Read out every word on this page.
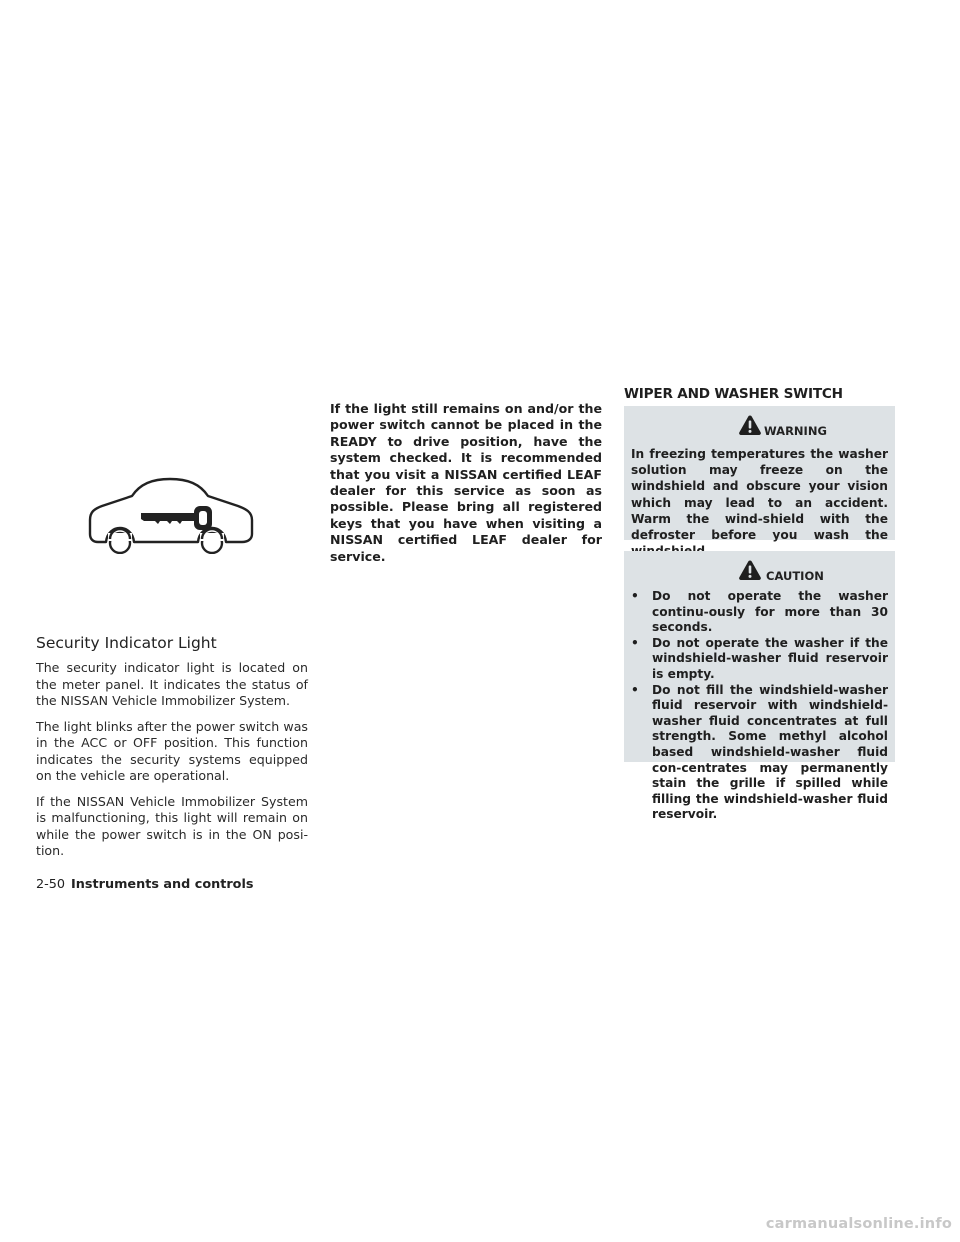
Security Indicator Light

The security indicator light is located on the meter panel. It indicates the status of the NISSAN Vehicle Immobilizer System.

The light blinks after the power switch was in the ACC or OFF position. This function indicates the security systems equipped on the vehicle are operational.

If the NISSAN Vehicle Immobilizer System is malfunctioning, this light will remain on while the power switch is in the ON posi-tion.

If the light still remains on and/or the power switch cannot be placed in the READY to drive position, have the system checked. It is recommended that you visit a NISSAN certified LEAF dealer for this service as soon as possible. Please bring all registered keys that you have when visiting a NISSAN certified LEAF dealer for service.

WIPER AND WASHER SWITCH
WARNING

In freezing temperatures the washer solution may freeze on the windshield and obscure your vision which may lead to an accident. Warm the wind-shield with the defroster before you wash the

CAUTION
•	Do not operate the washer continu-ously for more than 30 seconds.
•	Do not operate the washer if the windshield-washer fluid reservoir is empty.
•	Do not fill the windshield-washer fluid reservoir with windshield-washer fluid concentrates at full strength. Some methyl alcohol based windshield-washer fluid con-centrates may permanently stain the grille if spilled while filling the windshield-washer fluid reservoir.
2-50 Instruments and controls
carmanualsonline.info
